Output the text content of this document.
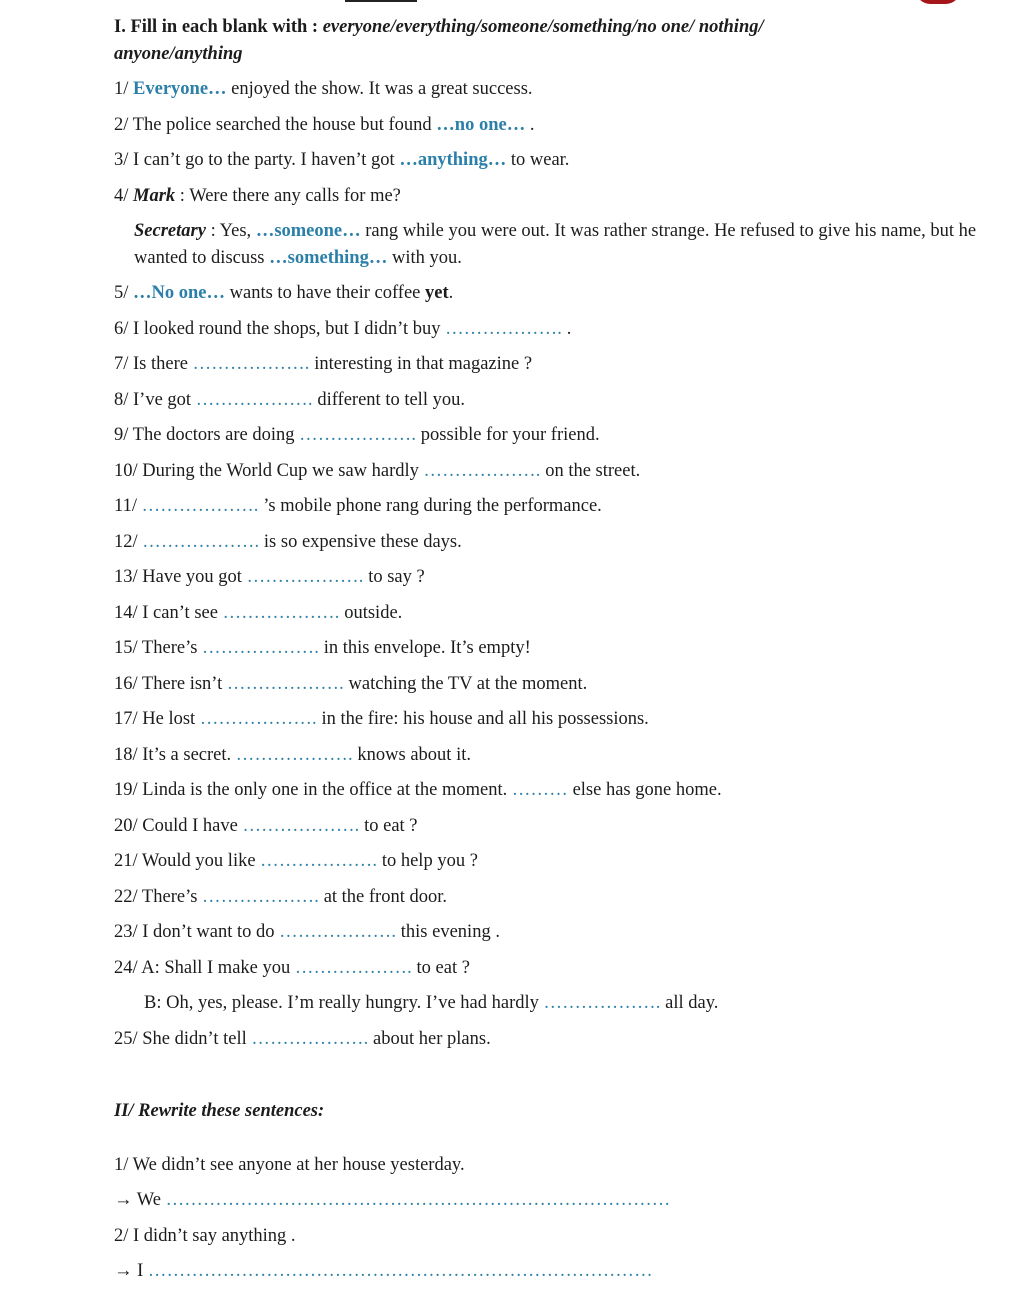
I. Fill in each blank with : everyone/everything/someone/something/no one/ nothing/
anyone/anything

1/ Everyone… enjoyed the show. It was a great success.

2/ The police searched the house but found …no one… .

3/ I can’t go to the party. I haven’t got …anything… to wear.

4/ Mark : Were there any calls for me?

Secretary : Yes, …someone… rang while you were out. It was rather strange. He refused to give his name, but he wanted to discuss …something… with you.

5/ …No one… wants to have their coffee yet.

6/ I looked round the shops, but I didn’t buy ………………. .

7/ Is there ………………. interesting in that magazine ?

8/ I’ve got ………………. different to tell you.

9/ The doctors are doing ………………. possible for your friend.

10/ During the World Cup we saw hardly ………………. on the street.

11/ ………………. ’s mobile phone rang during the performance.

12/ ………………. is so expensive these days.

13/ Have you got ………………. to say ?

14/ I can’t see ………………. outside.

15/ There’s ………………. in this envelope. It’s empty!

16/ There isn’t ………………. watching the TV at the moment.

17/ He lost ………………. in the fire: his house and all his possessions.

18/ It’s a secret. ………………. knows about it.

19/ Linda is the only one in the office at the moment. ……… else has gone home.

20/ Could I have ………………. to eat ?

21/ Would you like ………………. to help you ?

22/ There’s ………………. at the front door.

23/ I don’t want to do ………………. this evening .

24/ A: Shall I make you ………………. to eat ?

B: Oh, yes, please. I’m really hungry. I’ve had hardly ………………. all day.

25/ She didn’t tell ………………. about her plans.

II/ Rewrite these sentences:

1/ We didn’t see anyone at her house yesterday.

→ We ………………………………………………………………………

2/ I didn’t say anything .

→ I ………………………………………………………………………
